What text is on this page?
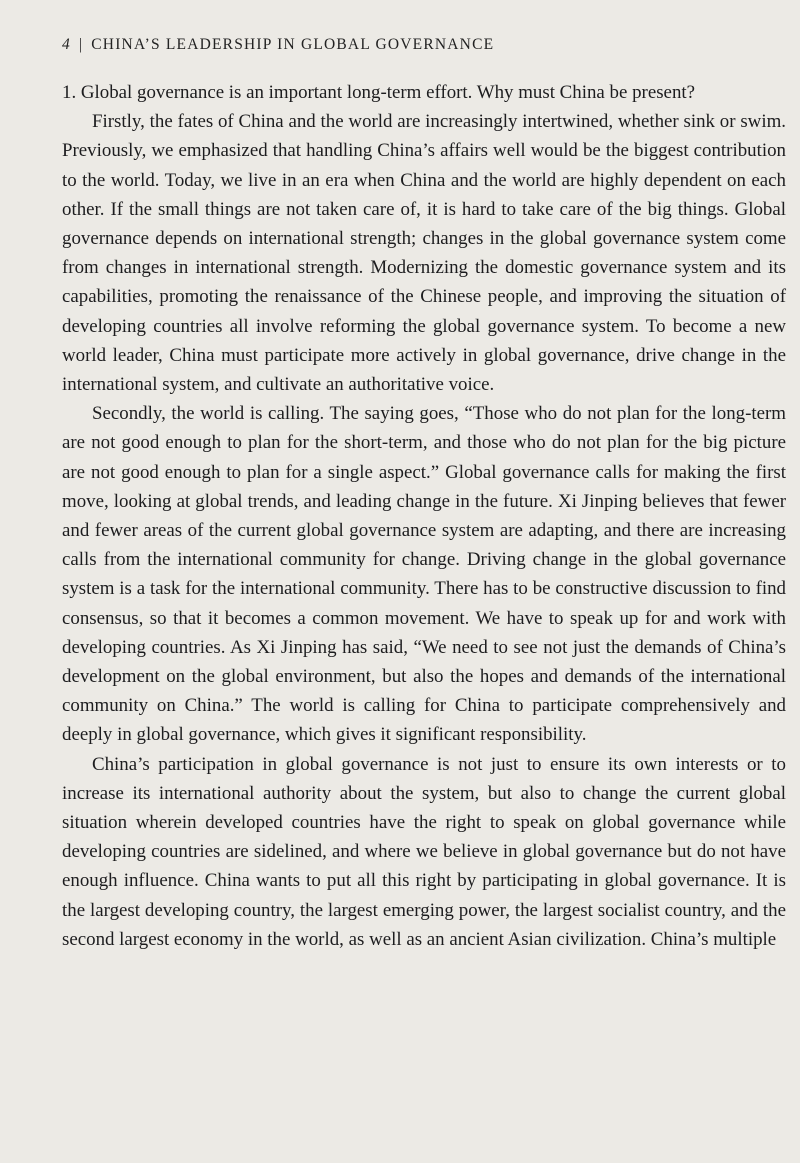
4 | CHINA’S LEADERSHIP IN GLOBAL GOVERNANCE

1. Global governance is an important long-term effort. Why must China be present?

Firstly, the fates of China and the world are increasingly intertwined, whether sink or swim. Previously, we emphasized that handling China’s affairs well would be the biggest contribution to the world. Today, we live in an era when China and the world are highly dependent on each other. If the small things are not taken care of, it is hard to take care of the big things. Global governance depends on international strength; changes in the global governance system come from changes in international strength. Modernizing the domestic governance system and its capabilities, promoting the renaissance of the Chinese people, and improving the situation of developing countries all involve reforming the global governance system. To become a new world leader, China must participate more actively in global governance, drive change in the international system, and cultivate an authoritative voice.

Secondly, the world is calling. The saying goes, “Those who do not plan for the long-term are not good enough to plan for the short-term, and those who do not plan for the big picture are not good enough to plan for a single aspect.” Global governance calls for making the first move, looking at global trends, and leading change in the future. Xi Jinping believes that fewer and fewer areas of the current global governance system are adapting, and there are increasing calls from the international community for change. Driving change in the global governance system is a task for the international community. There has to be constructive discussion to find consensus, so that it becomes a common movement. We have to speak up for and work with developing countries. As Xi Jinping has said, “We need to see not just the demands of China’s development on the global environment, but also the hopes and demands of the international community on China.” The world is calling for China to participate comprehensively and deeply in global governance, which gives it significant responsibility.

China’s participation in global governance is not just to ensure its own interests or to increase its international authority about the system, but also to change the current global situation wherein developed countries have the right to speak on global governance while developing countries are sidelined, and where we believe in global governance but do not have enough influence. China wants to put all this right by participating in global governance. It is the largest developing country, the largest emerging power, the largest socialist country, and the second largest economy in the world, as well as an ancient Asian civilization. China’s multiple
